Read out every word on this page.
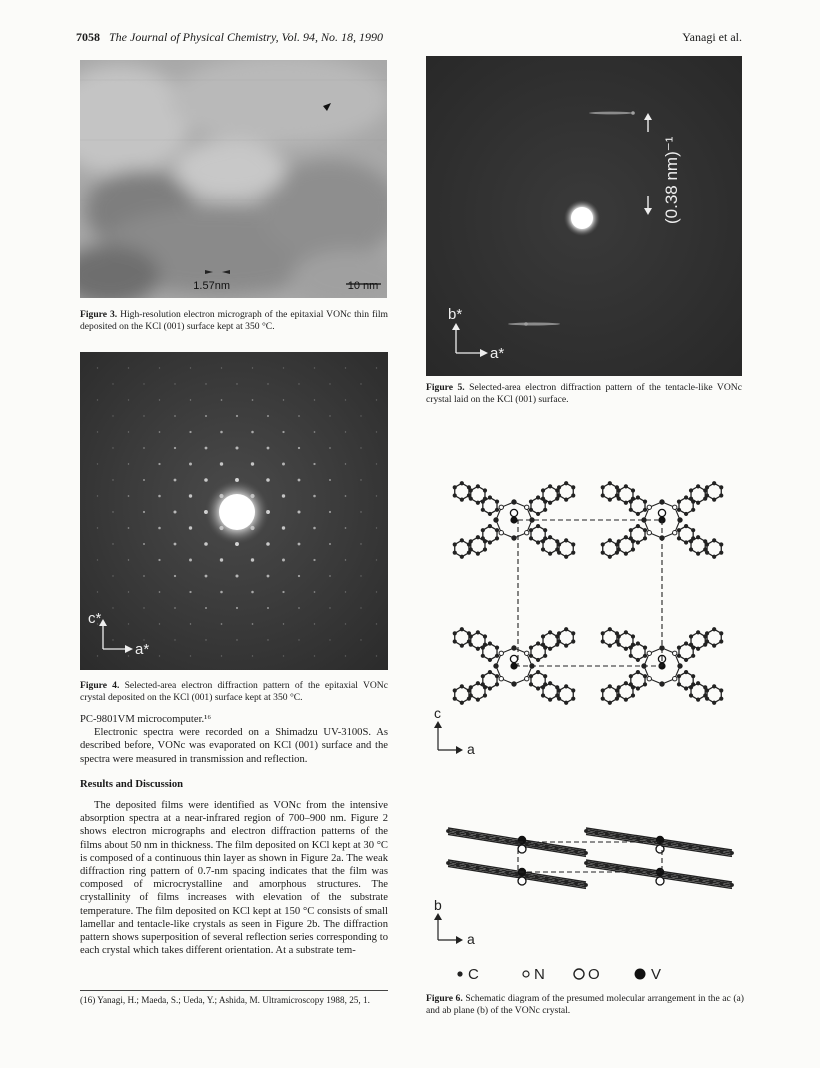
7058 The Journal of Physical Chemistry, Vol. 94, No. 18, 1990	Yanagi et al.
1.57nm	10 nm
Figure 3. High-resolution electron micrograph of the epitaxial VONc thin film deposited on the KCl (001) surface kept at 350 °C.
c*
a*
Figure 4. Selected-area electron diffraction pattern of the epitaxial VONc crystal deposited on the KCl (001) surface kept at 350 °C.

PC-9801VM microcomputer.¹⁶

Electronic spectra were recorded on a Shimadzu UV-3100S. As described before, VONc was evaporated on KCl (001) surface and the spectra were measured in transmission and reflection.

Results and Discussion

The deposited films were identified as VONc from the intensive absorption spectra at a near-infrared region of 700–900 nm. Figure 2 shows electron micrographs and electron diffraction patterns of the films about 50 nm in thickness. The film deposited on KCl kept at 30 °C is composed of a continuous thin layer as shown in Figure 2a. The weak diffraction ring pattern of 0.7-nm spacing indicates that the film was composed of microcrystalline and amorphous structures. The crystallinity of films increases with elevation of the substrate temperature. The film deposited on KCl kept at 150 °C consists of small lamellar and tentacle-like crystals as seen in Figure 2b. The diffraction pattern shows superposition of several reflection series corresponding to each crystal which takes different orientation. At a substrate tem-

(16) Yanagi, H.; Maeda, S.; Ueda, Y.; Ashida, M. Ultramicroscopy 1988, 25, 1.
(0.38 nm)⁻¹
b*
a*
Figure 5. Selected-area electron diffraction pattern of the tentacle-like VONc crystal laid on the KCl (001) surface.
c
a
b
a
C	N	O	V
Figure 6. Schematic diagram of the presumed molecular arrangement in the ac (a) and ab plane (b) of the VONc crystal.
